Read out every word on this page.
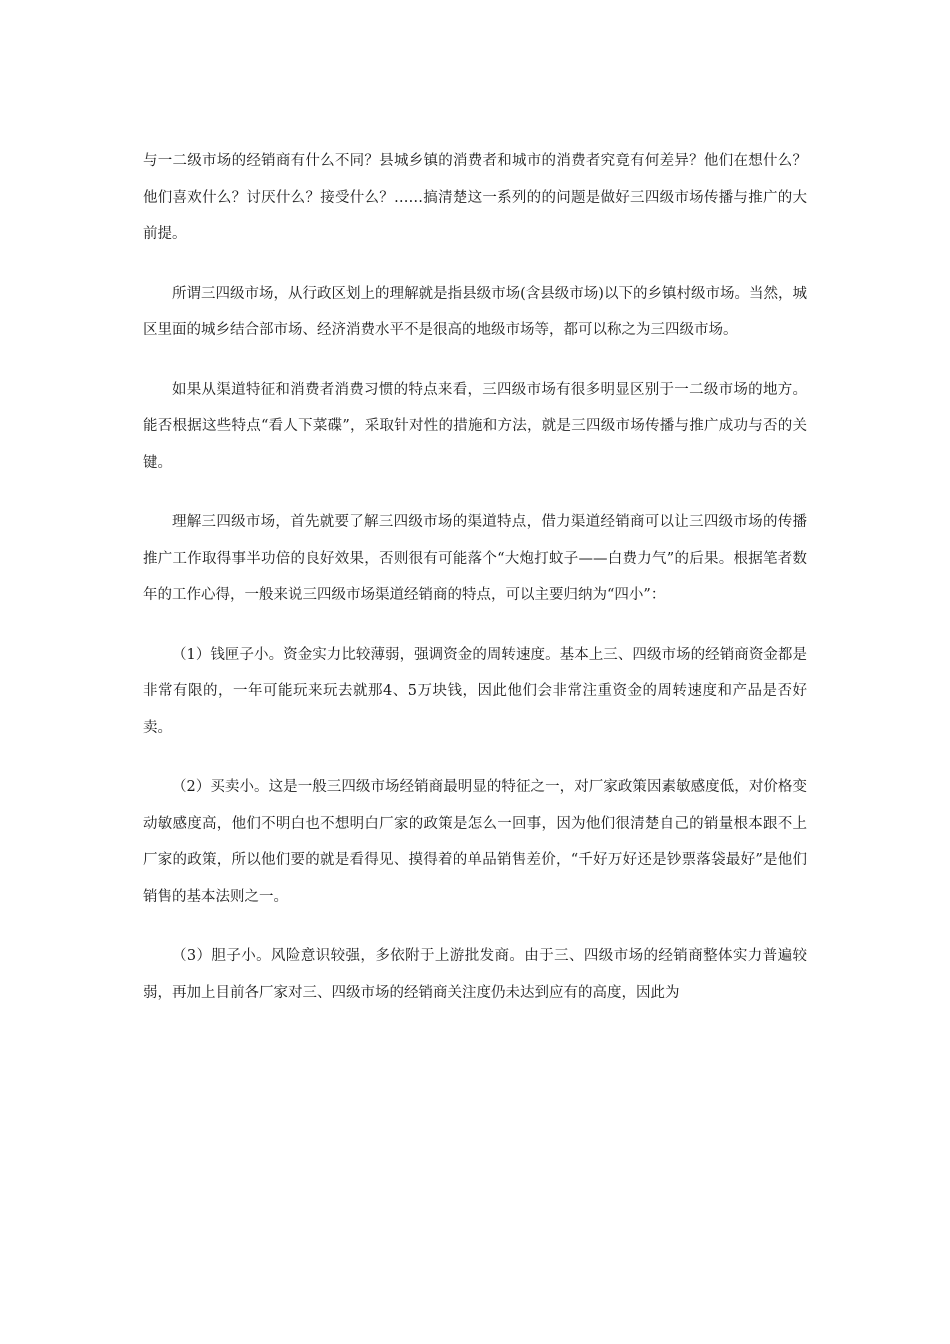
与一二级市场的经销商有什么不同？县城乡镇的消费者和城市的消费者究竟有何差异？他们在想什么？他们喜欢什么？讨厌什么？接受什么？……搞清楚这一系列的的问题是做好三四级市场传播与推广的大前提。

所谓三四级市场，从行政区划上的理解就是指县级市场(含县级市场)以下的乡镇村级市场。当然，城区里面的城乡结合部市场、经济消费水平不是很高的地级市场等，都可以称之为三四级市场。

如果从渠道特征和消费者消费习惯的特点来看，三四级市场有很多明显区别于一二级市场的地方。能否根据这些特点“看人下菜碟”，采取针对性的措施和方法，就是三四级市场传播与推广成功与否的关键。

理解三四级市场，首先就要了解三四级市场的渠道特点，借力渠道经销商可以让三四级市场的传播推广工作取得事半功倍的良好效果，否则很有可能落个“大炮打蚊子——白费力气”的后果。根据笔者数年的工作心得，一般来说三四级市场渠道经销商的特点，可以主要归纳为“四小”：

（1）钱匣子小。资金实力比较薄弱，强调资金的周转速度。基本上三、四级市场的经销商资金都是非常有限的，一年可能玩来玩去就那4、5万块钱，因此他们会非常注重资金的周转速度和产品是否好卖。

（2）买卖小。这是一般三四级市场经销商最明显的特征之一，对厂家政策因素敏感度低，对价格变动敏感度高，他们不明白也不想明白厂家的政策是怎么一回事，因为他们很清楚自己的销量根本跟不上厂家的政策，所以他们要的就是看得见、摸得着的单品销售差价，“千好万好还是钞票落袋最好”是他们销售的基本法则之一。

（3）胆子小。风险意识较强，多依附于上游批发商。由于三、四级市场的经销商整体实力普遍较弱，再加上目前各厂家对三、四级市场的经销商关注度仍未达到应有的高度，因此为
